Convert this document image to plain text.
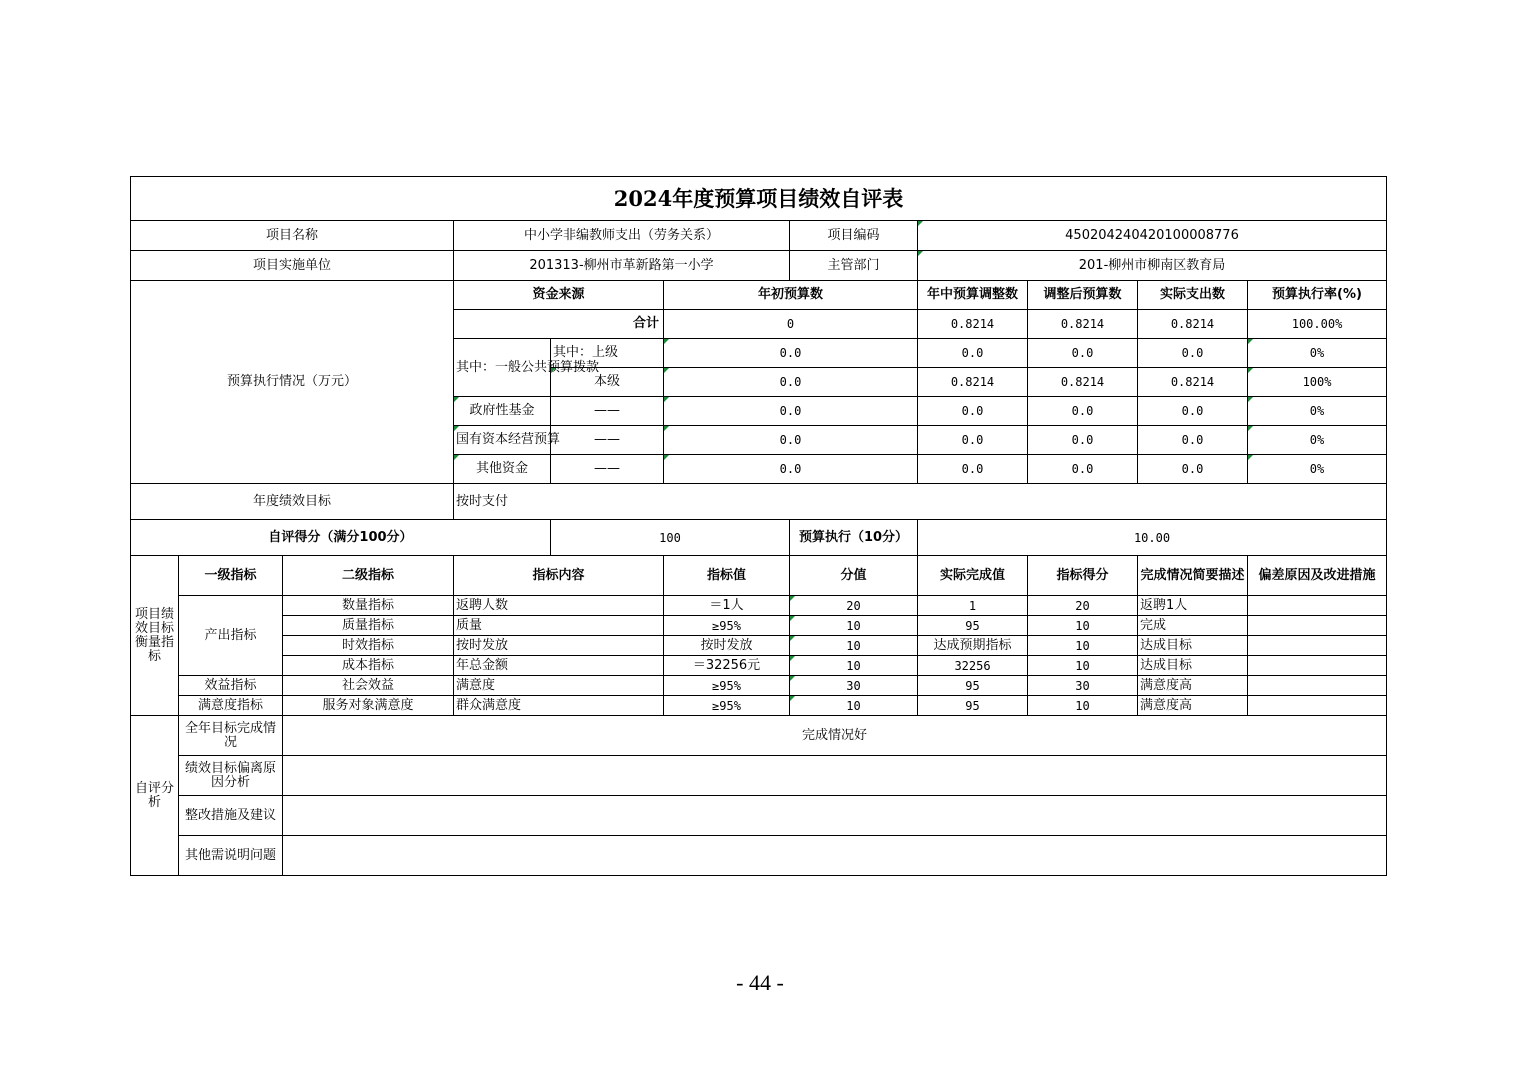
2024年度预算项目绩效自评表										
项目名称			中小学非编教师支出（劳务关系）			项目编码	450204240420100008776			
项目实施单位			201313-柳州市革新路第一小学			主管部门	201-柳州市柳南区教育局			
预算执行情况（万元）			资金来源		年初预算数		年中预算调整数	调整后预算数	实际支出数	预算执行率(%)
			合计		0		0.8214	0.8214	0.8214	100.00%
			其中：一般公共预算拨款	其中：上级	0.0		0.0	0.0	0.0	0%
				本级	0.0		0.8214	0.8214	0.8214	100%
			政府性基金	——	0.0		0.0	0.0	0.0	0%
			国有资本经营预算	——	0.0		0.0	0.0	0.0	0%
			其他资金	——	0.0		0.0	0.0	0.0	0%
年度绩效目标			按时支付							
自评得分（满分100分）				100		预算执行（10分）	10.00			
项目绩效目标衡量指标	一级指标	二级指标	指标内容		指标值	分值	实际完成值	指标得分	完成情况简要描述	偏差原因及改进措施
	产出指标	数量指标	返聘人数		＝1人	20	1	20	返聘1人	
		质量指标	质量		≥95%	10	95	10	完成	
		时效指标	按时发放		按时发放	10	达成预期指标	10	达成目标	
		成本指标	年总金额		＝32256元	10	32256	10	达成目标	
	效益指标	社会效益	满意度		≥95%	30	95	30	满意度高	
	满意度指标	服务对象满意度	群众满意度		≥95%	10	95	10	满意度高	
自评分析	全年目标完成情况	完成情况好								
	绩效目标偏离原因分析									
	整改措施及建议									
	其他需说明问题									
- 44 -
